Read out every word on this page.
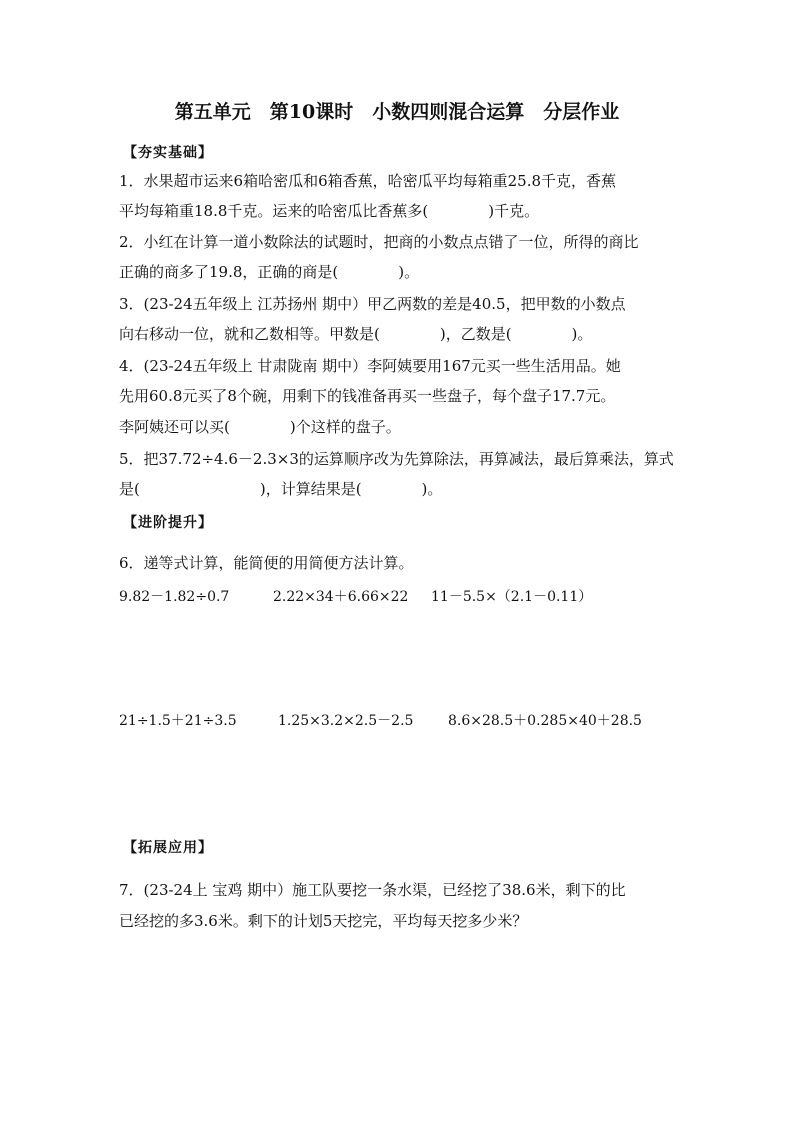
第五单元　第10课时　小数四则混合运算　分层作业
【夯实基础】
1．水果超市运来6箱哈密瓜和6箱香蕉，哈密瓜平均每箱重25.8千克，香蕉
平均每箱重18.8千克。运来的哈密瓜比香蕉多(　　　　)千克。
2．小红在计算一道小数除法的试题时，把商的小数点点错了一位，所得的商比
正确的商多了19.8，正确的商是(　　　　)。
3．(23-24五年级上 江苏扬州 期中）甲乙两数的差是40.5，把甲数的小数点
向右移动一位，就和乙数相等。甲数是(　　　　)，乙数是(　　　　)。
4．(23-24五年级上 甘肃陇南 期中）李阿姨要用167元买一些生活用品。她
先用60.8元买了8个碗，用剩下的钱准备再买一些盘子，每个盘子17.7元。
李阿姨还可以买(　　　　)个这样的盘子。
5．把37.72÷4.6－2.3×3的运算顺序改为先算除法，再算减法，最后算乘法，算式
是(　　　　　　　　)，计算结果是(　　　　)。
【进阶提升】
6．递等式计算，能简便的用简便方法计算。
9.82－1.82÷0.7	2.22×34＋6.66×22 11－5.5×（2.1－0.11）
21÷1.5＋21÷3.5	1.25×3.2×2.5－2.5 8.6×28.5＋0.285×40＋28.5
【拓展应用】
7．(23-24上 宝鸡 期中）施工队要挖一条水渠，已经挖了38.6米，剩下的比
已经挖的多3.6米。剩下的计划5天挖完，平均每天挖多少米？
